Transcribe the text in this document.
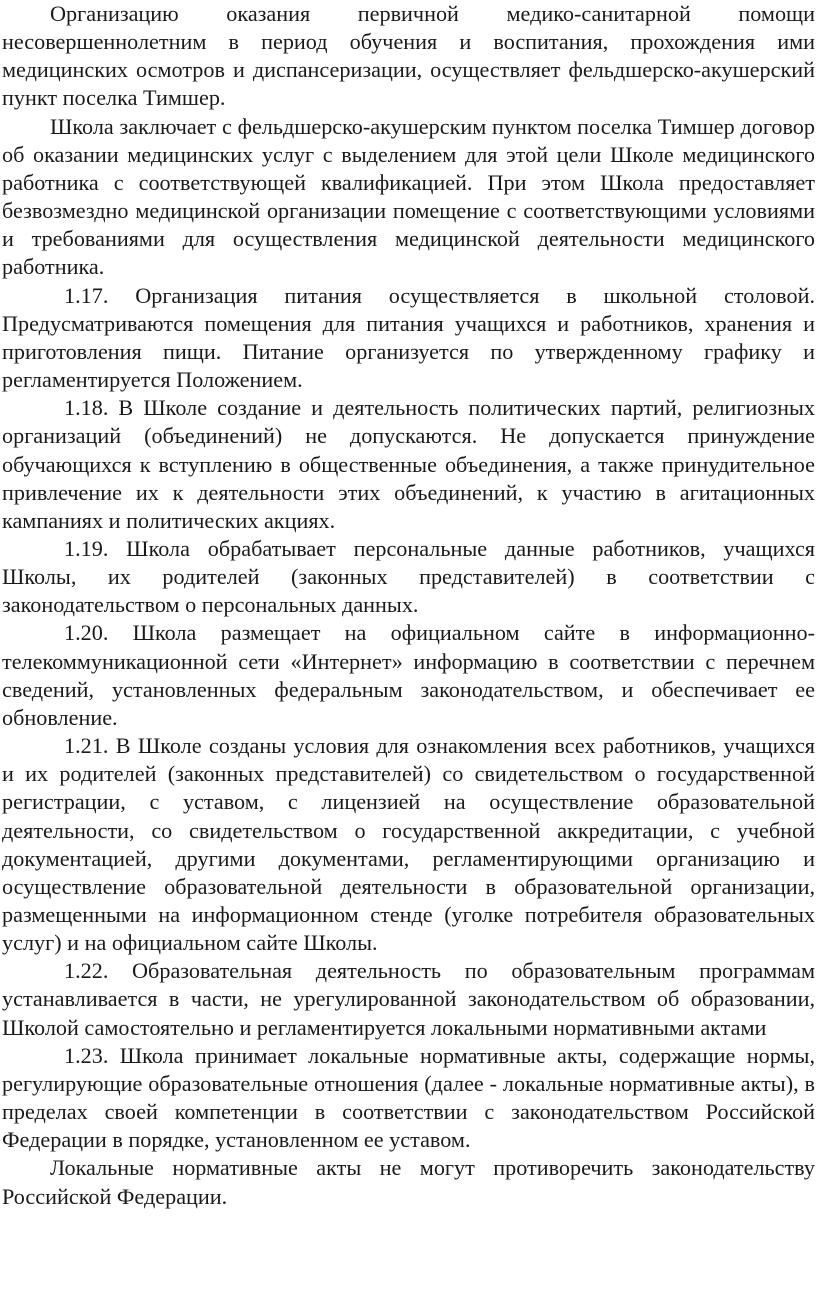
Организацию оказания первичной медико-санитарной помощи несовершеннолетним в период обучения и воспитания, прохождения ими медицинских осмотров и диспансеризации, осуществляет фельдшерско-акушерский пункт поселка Тимшер.

Школа заключает с фельдшерско-акушерским пунктом поселка Тимшер договор об оказании медицинских услуг с выделением для этой цели Школе медицинского работника с соответствующей квалификацией. При этом Школа предоставляет безвозмездно медицинской организации помещение с соответствующими условиями и требованиями для осуществления медицинской деятельности медицинского работника.

1.17. Организация питания осуществляется в школьной столовой. Предусматриваются помещения для питания учащихся и работников, хранения и приготовления пищи. Питание организуется по утвержденному графику и регламентируется Положением.

1.18. В Школе создание и деятельность политических партий, религиозных организаций (объединений) не допускаются. Не допускается принуждение обучающихся к вступлению в общественные объединения, а также принудительное привлечение их к деятельности этих объединений, к участию в агитационных кампаниях и политических акциях.

1.19. Школа обрабатывает персональные данные работников, учащихся Школы, их родителей (законных представителей) в соответствии с законодательством о персональных данных.

1.20. Школа размещает на официальном сайте в информационно-телекоммуникационной сети «Интернет» информацию в соответствии с перечнем сведений, установленных федеральным законодательством, и обеспечивает ее обновление.

1.21. В Школе созданы условия для ознакомления всех работников, учащихся и их родителей (законных представителей) со свидетельством о государственной регистрации, с уставом, с лицензией на осуществление образовательной деятельности, со свидетельством о государственной аккредитации, с учебной документацией, другими документами, регламентирующими организацию и осуществление образовательной деятельности в образовательной организации, размещенными на информационном стенде (уголке потребителя образовательных услуг) и на официальном сайте Школы.

1.22. Образовательная деятельность по образовательным программам устанавливается в части, не урегулированной законодательством об образовании, Школой самостоятельно и регламентируется локальными нормативными актами

1.23. Школа принимает локальные нормативные акты, содержащие нормы, регулирующие образовательные отношения (далее - локальные нормативные акты), в пределах своей компетенции в соответствии с законодательством Российской Федерации в порядке, установленном ее уставом.

Локальные нормативные акты не могут противоречить законодательству Российской Федерации.
